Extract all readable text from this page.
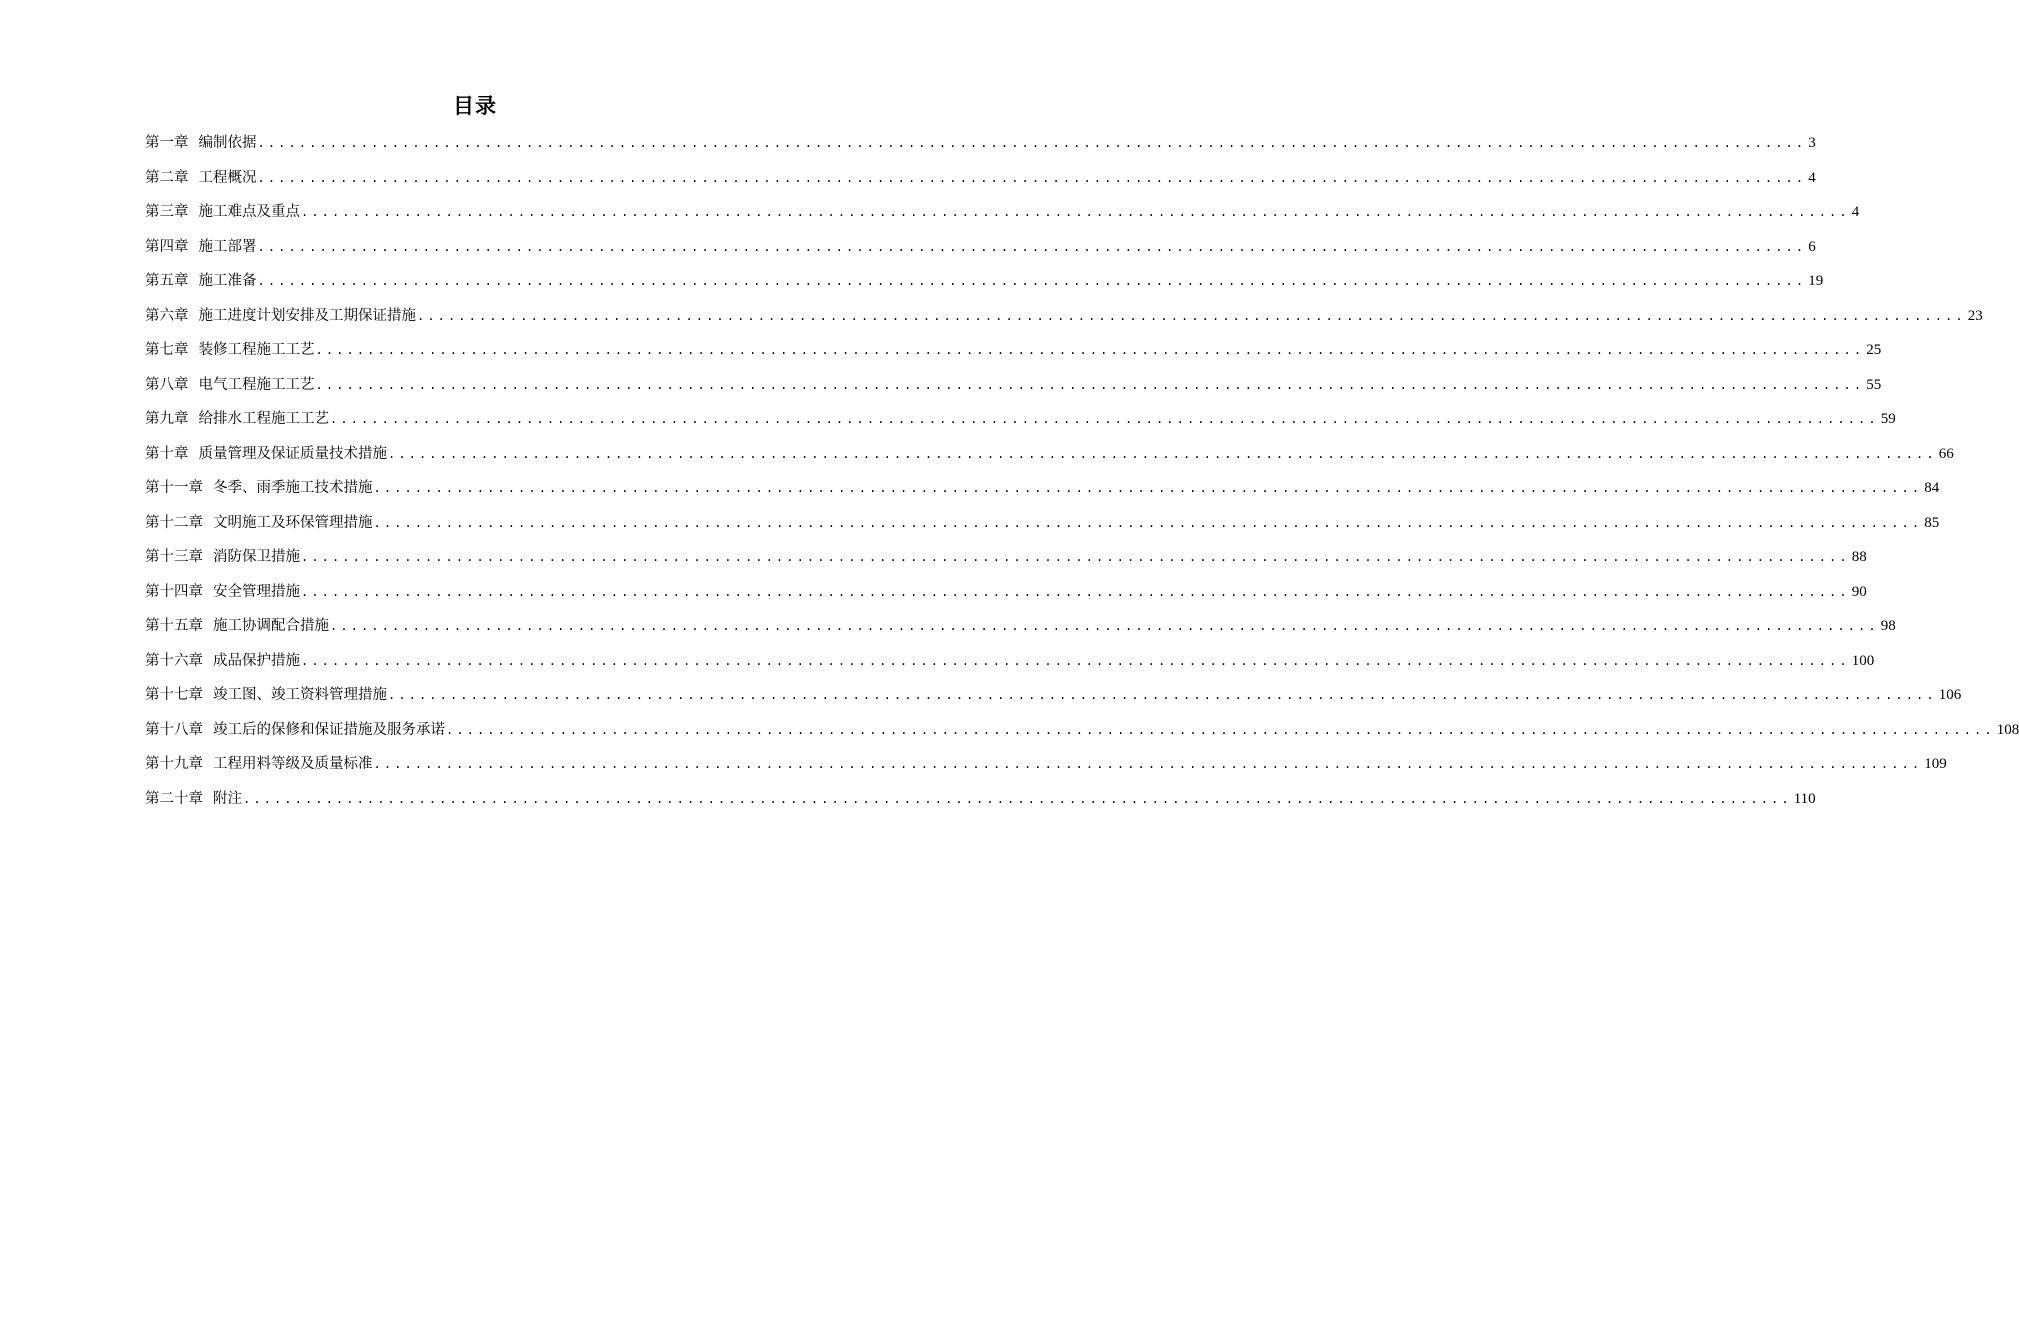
目录
第一章 编制依据 ...................................................................................................................................................... 3
第二章 工程概况 ...................................................................................................................................................... 4
第三章 施工难点及重点 ...................................................................................................................................................... 4
第四章 施工部署 ...................................................................................................................................................... 6
第五章 施工准备 ...................................................................................................................................................... 19
第六章 施工进度计划安排及工期保证措施 ...................................................................................................................................................... 23
第七章 装修工程施工工艺 ...................................................................................................................................................... 25
第八章 电气工程施工工艺 ...................................................................................................................................................... 55
第九章 给排水工程施工工艺 ...................................................................................................................................................... 59
第十章 质量管理及保证质量技术措施 ...................................................................................................................................................... 66
第十一章 冬季、雨季施工技术措施 ...................................................................................................................................................... 84
第十二章 文明施工及环保管理措施 ...................................................................................................................................................... 85
第十三章 消防保卫措施 ...................................................................................................................................................... 88
第十四章 安全管理措施 ...................................................................................................................................................... 90
第十五章 施工协调配合措施 ...................................................................................................................................................... 98
第十六章 成品保护措施 ...................................................................................................................................................... 100
第十七章 竣工图、竣工资料管理措施 ...................................................................................................................................................... 106
第十八章 竣工后的保修和保证措施及服务承诺 ...................................................................................................................................................... 108
第十九章 工程用料等级及质量标准 ...................................................................................................................................................... 109
第二十章 附注 ...................................................................................................................................................... 110
